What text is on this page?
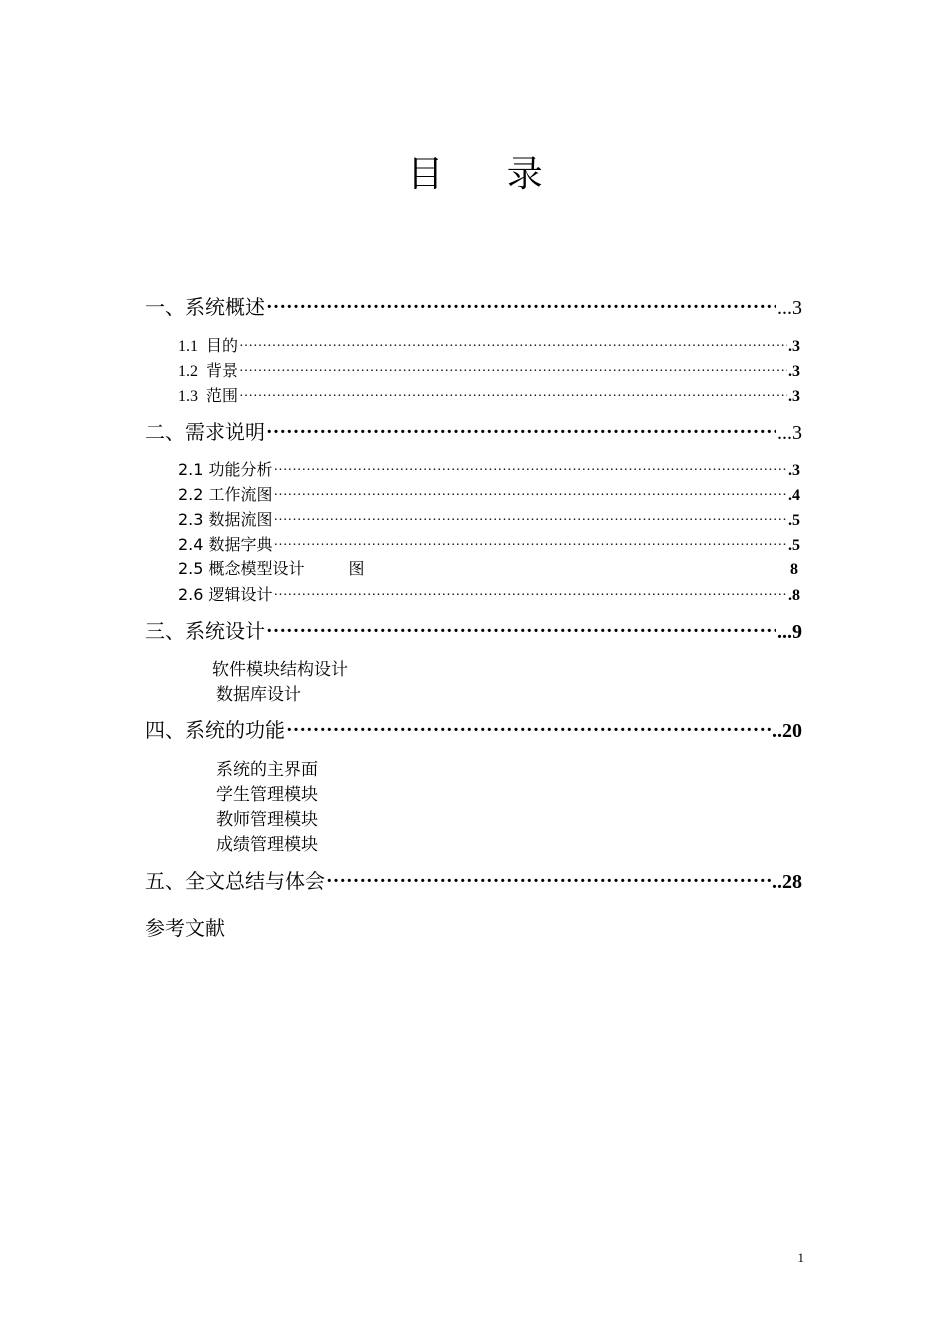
目 录
一、系统概述 ………………………………………………………………………………………………………………………………………………………………	...3
1.1 目的 ………………………………………………………………………………………………………………………………………………………………	.3
1.2 背景 ………………………………………………………………………………………………………………………………………………………………	.3
1.3 范围 ………………………………………………………………………………………………………………………………………………………………	.3
二、需求说明 ………………………………………………………………………………………………………………………………………………………………	...3
2.1 功能分析 ………………………………………………………………………………………………………………………………………………………………	.3
2.2 工作流图 ………………………………………………………………………………………………………………………………………………………………	.4
2.3 数据流图 ………………………………………………………………………………………………………………………………………………………………	.5
2.4 数据字典 ………………………………………………………………………………………………………………………………………………………………	.5
2.5 概念模型设计	图	8
2.6 逻辑设计 ………………………………………………………………………………………………………………………………………………………………	.8
三、系统设计 ………………………………………………………………………………………………………………………………………………………………	...9
软件模块结构设计
数据库设计
四、系统的功能 ………………………………………………………………………………………………………………………………………………………………	..20
系统的主界面
学生管理模块
教师管理模块
成绩管理模块
五、全文总结与体会 ………………………………………………………………………………………………………………………………………………………………	..28
参考文献
1
